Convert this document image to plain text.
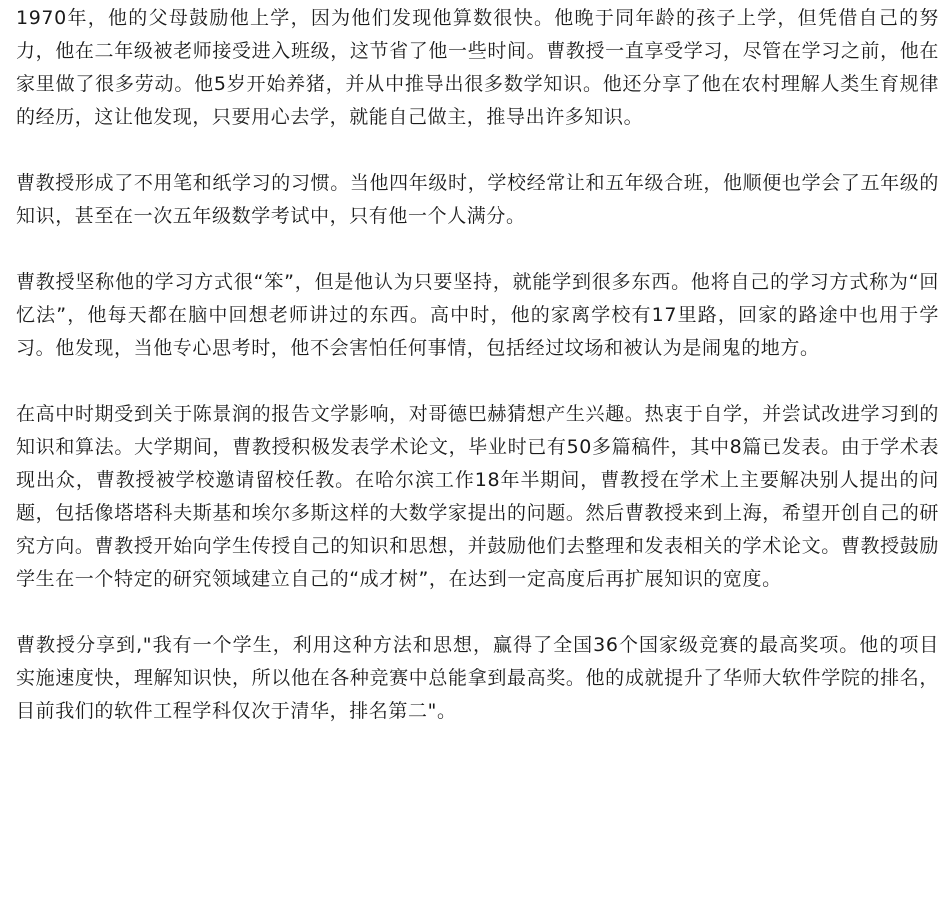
1970年，他的父母鼓励他上学，因为他们发现他算数很快。他晚于同年龄的孩子上学，但凭借自己的努力，他在二年级被老师接受进入班级，这节省了他一些时间。曹教授一直享受学习，尽管在学习之前，他在家里做了很多劳动。他5岁开始养猪，并从中推导出很多数学知识。他还分享了他在农村理解人类生育规律的经历，这让他发现，只要用心去学，就能自己做主，推导出许多知识。

曹教授形成了不用笔和纸学习的习惯。当他四年级时，学校经常让和五年级合班，他顺便也学会了五年级的知识，甚至在一次五年级数学考试中，只有他一个人满分。

曹教授坚称他的学习方式很“笨”，但是他认为只要坚持，就能学到很多东西。他将自己的学习方式称为“回忆法”，他每天都在脑中回想老师讲过的东西。高中时，他的家离学校有17里路，回家的路途中也用于学习。他发现，当他专心思考时，他不会害怕任何事情，包括经过坟场和被认为是闹鬼的地方。

在高中时期受到关于陈景润的报告文学影响，对哥德巴赫猜想产生兴趣。热衷于自学，并尝试改进学习到的知识和算法。大学期间，曹教授积极发表学术论文，毕业时已有50多篇稿件，其中8篇已发表。由于学术表现出众，曹教授被学校邀请留校任教。在哈尔滨工作18年半期间，曹教授在学术上主要解决别人提出的问题，包括像塔塔科夫斯基和埃尔多斯这样的大数学家提出的问题。然后曹教授来到上海，希望开创自己的研究方向。曹教授开始向学生传授自己的知识和思想，并鼓励他们去整理和发表相关的学术论文。曹教授鼓励学生在一个特定的研究领域建立自己的“成才树”，在达到一定高度后再扩展知识的宽度。

曹教授分享到,"我有一个学生，利用这种方法和思想，赢得了全国36个国家级竞赛的最高奖项。他的项目实施速度快，理解知识快，所以他在各种竞赛中总能拿到最高奖。他的成就提升了华师大软件学院的排名，目前我们的软件工程学科仅次于清华，排名第二"。
